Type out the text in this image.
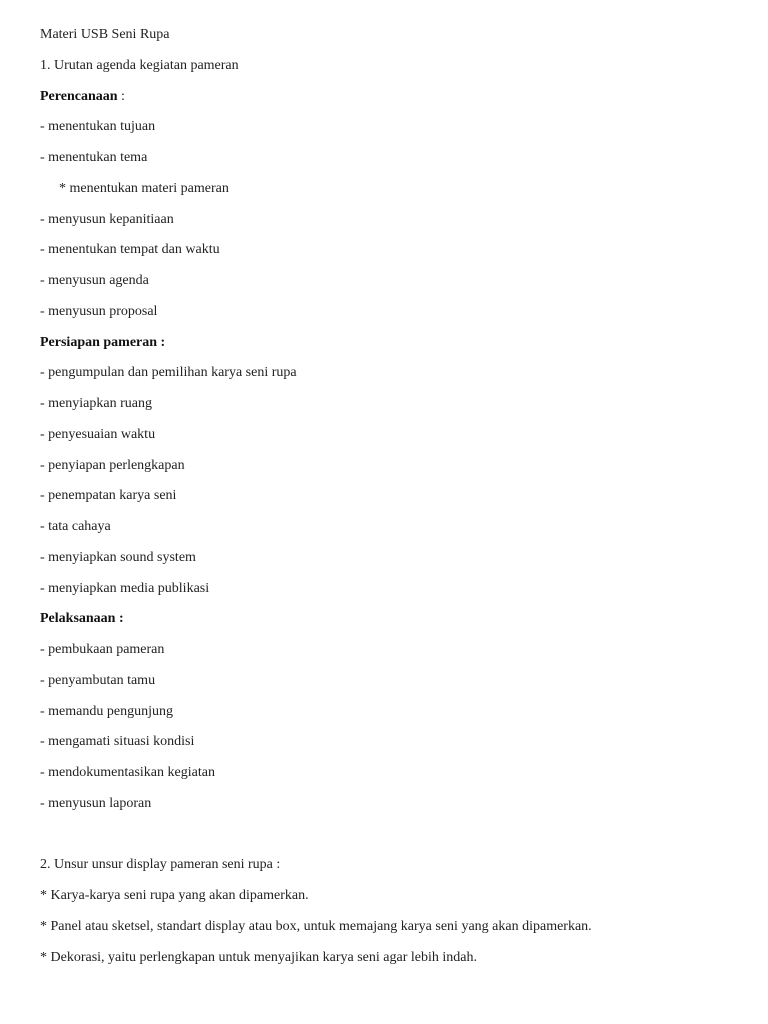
Materi USB Seni Rupa
1. Urutan agenda kegiatan pameran
Perencanaan :
- menentukan tujuan
- menentukan tema
* menentukan materi pameran
- menyusun kepanitiaan
- menentukan tempat dan waktu
- menyusun agenda
- menyusun proposal
Persiapan pameran :
- pengumpulan dan pemilihan karya seni rupa
- menyiapkan ruang
- penyesuaian waktu
- penyiapan perlengkapan
- penempatan karya seni
- tata cahaya
- menyiapkan sound system
- menyiapkan media publikasi
Pelaksanaan :
- pembukaan pameran
- penyambutan tamu
- memandu pengunjung
- mengamati situasi kondisi
- mendokumentasikan kegiatan
- menyusun laporan
2. Unsur unsur display pameran seni rupa :
* Karya-karya seni rupa yang akan dipamerkan.
* Panel atau sketsel, standart display atau box, untuk memajang karya seni yang akan dipamerkan.
* Dekorasi, yaitu perlengkapan untuk menyajikan karya seni agar lebih indah.
